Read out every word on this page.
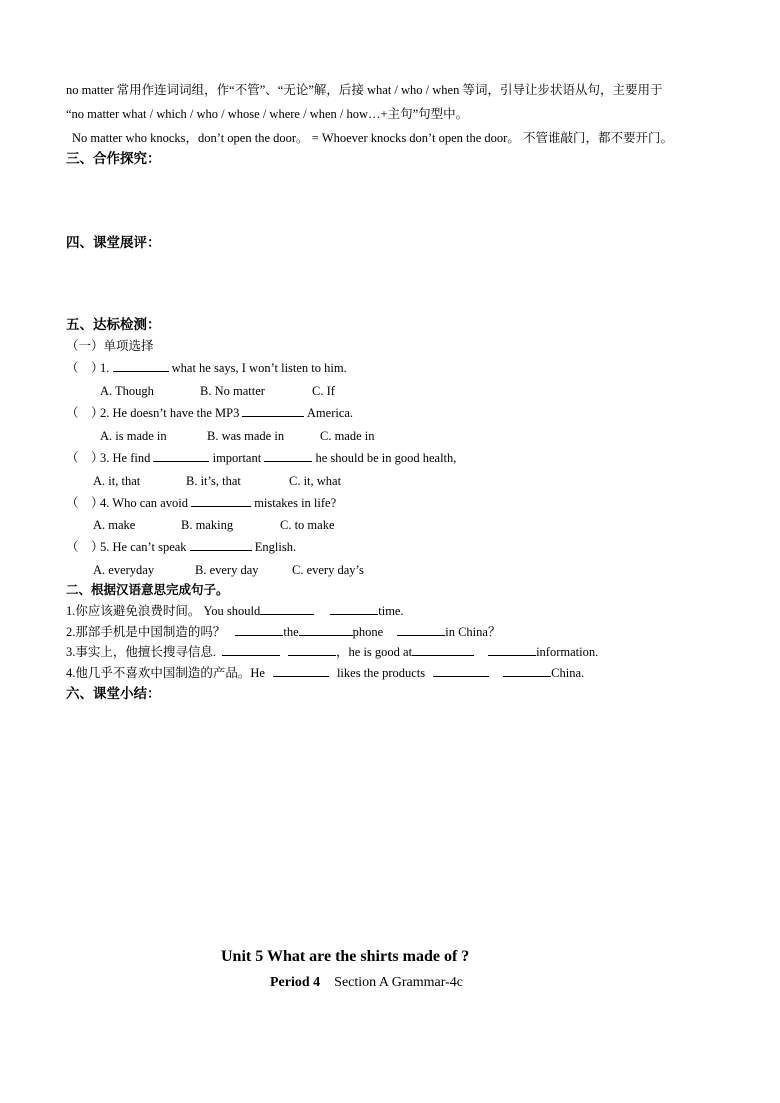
no matter 常用作连词词组，作“不管”、“无论”解，后接 what / who / when 等词，引导让步状语从句，主要用于
“no matter what / which / who / whose / where / when / how…+主句”句型中。
No matter who knocks，don’t open the door。 = Whoever knocks don’t open the door。 不管谁敲门，都不要开门。
三、合作探究：
四、课堂展评：
五、达标检测：
（一）单项选择
（　）1.	what he says, I won’t listen to him.
A. Though	B. No matter	C. If
（　）2. He doesn’t have the MP3	America.
A. is made in	B. was made in	C. made in
（　）3. He find	important	he should be in good health,
A. it, that	B. it’s, that	C. it, what
（　）4. Who can avoid	mistakes in life?
A. make	B. making	C. to make
（　）5. He can’t speak	English.
A. everyday	B. every day	C. every day’s
二、根据汉语意思完成句子。
1.你应该避免浪费时间。 You should	time.
2.那部手机是中国制造的吗？	the	phone	in China？
3.事实上，他擅长搜寻信息.	，he is good at	information.
4.他几乎不喜欢中国制造的产品。He	likes the products	China.
六、课堂小结：
Unit 5 What are the shirts made of ?
Period 4 Section A Grammar-4c
